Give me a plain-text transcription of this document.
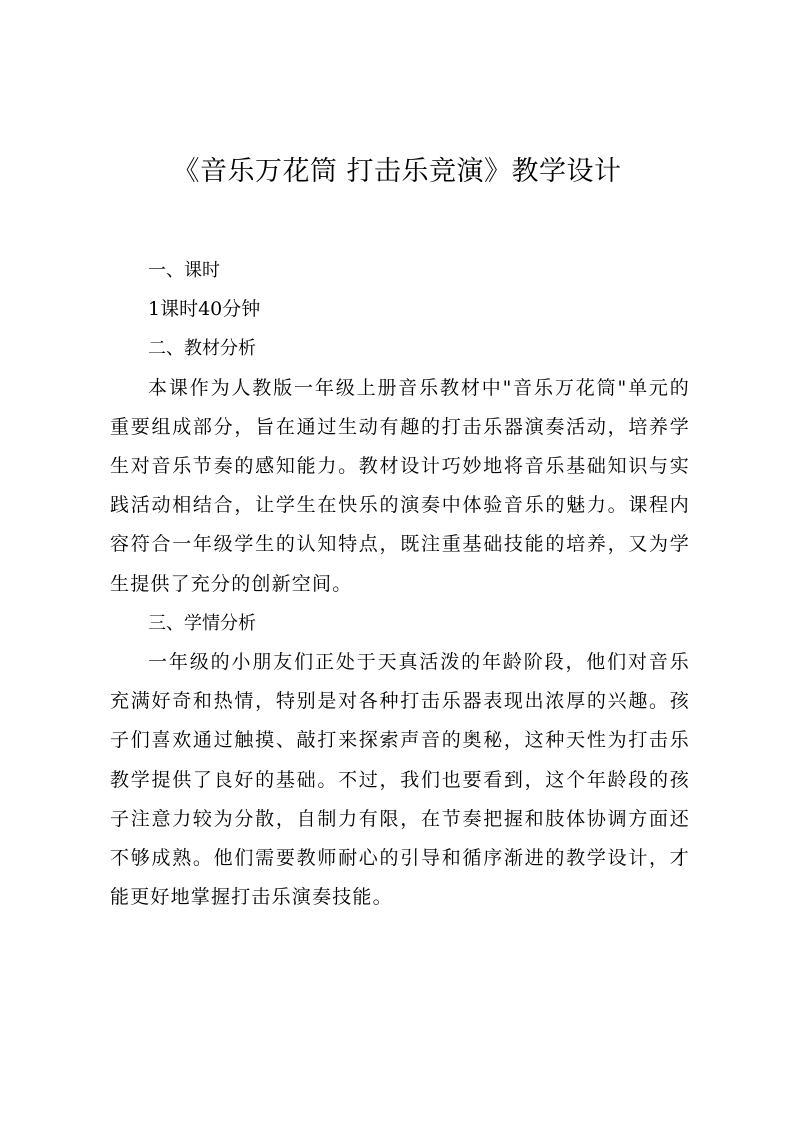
《音乐万花筒 打击乐竞演》教学设计

一、课时

1课时40分钟

二、教材分析

本课作为人教版一年级上册音乐教材中"音乐万花筒"单元的重要组成部分，旨在通过生动有趣的打击乐器演奏活动，培养学生对音乐节奏的感知能力。教材设计巧妙地将音乐基础知识与实践活动相结合，让学生在快乐的演奏中体验音乐的魅力。课程内容符合一年级学生的认知特点，既注重基础技能的培养，又为学生提供了充分的创新空间。

三、学情分析

一年级的小朋友们正处于天真活泼的年龄阶段，他们对音乐充满好奇和热情，特别是对各种打击乐器表现出浓厚的兴趣。孩子们喜欢通过触摸、敲打来探索声音的奥秘，这种天性为打击乐教学提供了良好的基础。不过，我们也要看到，这个年龄段的孩子注意力较为分散，自制力有限，在节奏把握和肢体协调方面还不够成熟。他们需要教师耐心的引导和循序渐进的教学设计，才能更好地掌握打击乐演奏技能。
